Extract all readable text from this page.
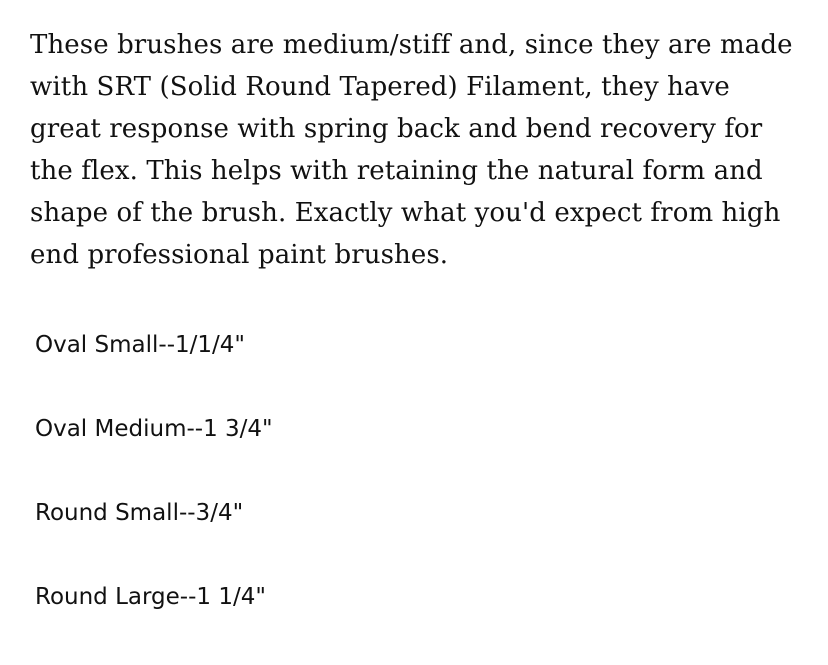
These brushes are medium/stiff and, since they are made with SRT (Solid Round Tapered) Filament, they have great response with spring back and bend recovery for the flex. This helps with retaining the natural form and shape of the brush. Exactly what you'd expect from high end professional paint brushes.

Oval Small--1/1/4"
Oval Medium--1 3/4"
Round Small--3/4"
Round Large--1 1/4"
